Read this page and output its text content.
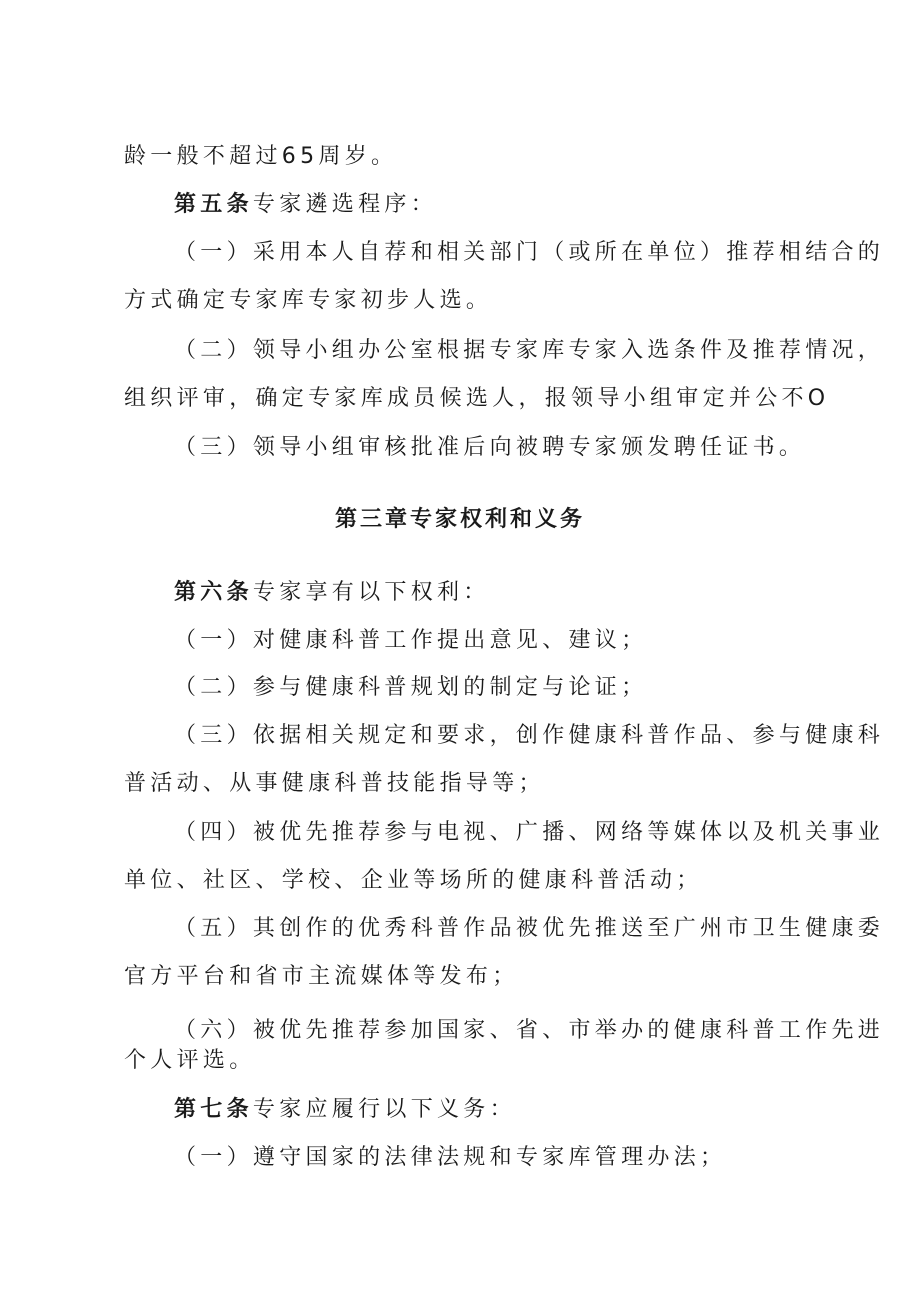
龄一般不超过65周岁。
第五条专家遴选程序：
（一）采用本人自荐和相关部门（或所在单位）推荐相结合的
方式确定专家库专家初步人选。
（二）领导小组办公室根据专家库专家入选条件及推荐情况，
组织评审，确定专家库成员候选人，报领导小组审定并公不O
（三）领导小组审核批准后向被聘专家颁发聘任证书。
第三章专家权利和义务
第六条专家享有以下权利：
（一）对健康科普工作提出意见、建议；
（二）参与健康科普规划的制定与论证；
（三）依据相关规定和要求，创作健康科普作品、参与健康科
普活动、从事健康科普技能指导等；
（四）被优先推荐参与电视、广播、网络等媒体以及机关事业
单位、社区、学校、企业等场所的健康科普活动；
（五）其创作的优秀科普作品被优先推送至广州市卫生健康委
官方平台和省市主流媒体等发布；
（六）被优先推荐参加国家、省、市举办的健康科普工作先进
个人评选。
第七条专家应履行以下义务：
（一）遵守国家的法律法规和专家库管理办法；
